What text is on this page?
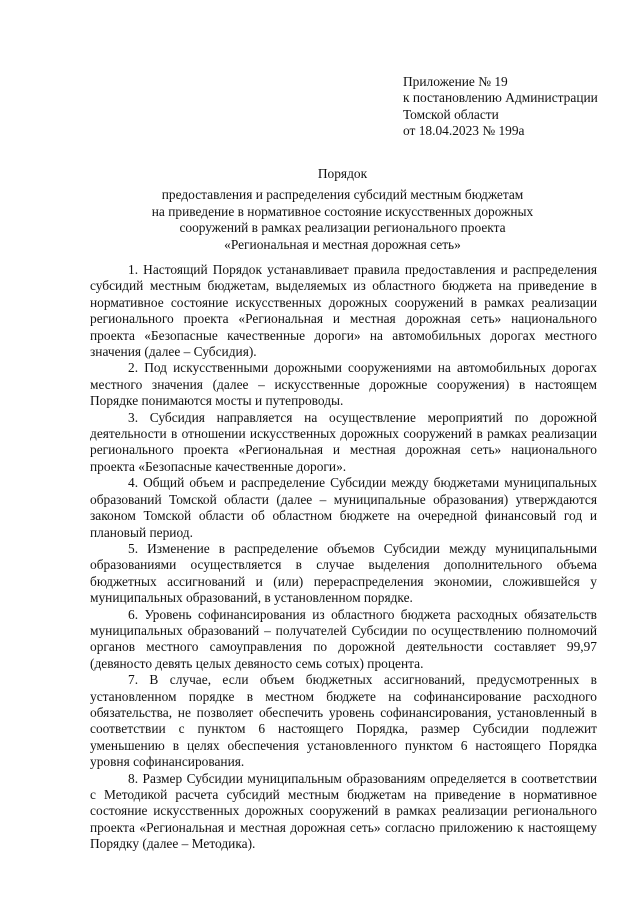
Приложение № 19
к постановлению Администрации
Томской области
от 18.04.2023 № 199а
Порядок
предоставления и распределения субсидий местным бюджетам
на приведение в нормативное состояние искусственных дорожных
сооружений в рамках реализации регионального проекта
«Региональная и местная дорожная сеть»

1. Настоящий Порядок устанавливает правила предоставления и распределения субсидий местным бюджетам, выделяемых из областного бюджета на приведение в нормативное состояние искусственных дорожных сооружений в рамках реализации регионального проекта «Региональная и местная дорожная сеть» национального проекта «Безопасные качественные дороги» на автомобильных дорогах местного значения (далее – Субсидия).

2. Под искусственными дорожными сооружениями на автомобильных дорогах местного значения (далее – искусственные дорожные сооружения) в настоящем Порядке понимаются мосты и путепроводы.

3. Субсидия направляется на осуществление мероприятий по дорожной деятельности в отношении искусственных дорожных сооружений в рамках реализации регионального проекта «Региональная и местная дорожная сеть» национального проекта «Безопасные качественные дороги».

4. Общий объем и распределение Субсидии между бюджетами муниципальных образований Томской области (далее – муниципальные образования) утверждаются законом Томской области об областном бюджете на очередной финансовый год и плановый период.

5. Изменение в распределение объемов Субсидии между муниципальными образованиями осуществляется в случае выделения дополнительного объема бюджетных ассигнований и (или) перераспределения экономии, сложившейся у муниципальных образований, в установленном порядке.

6. Уровень софинансирования из областного бюджета расходных обязательств муниципальных образований – получателей Субсидии по осуществлению полномочий органов местного самоуправления по дорожной деятельности составляет 99,97 (девяносто девять целых девяносто семь сотых) процента.

7. В случае, если объем бюджетных ассигнований, предусмотренных в установленном порядке в местном бюджете на софинансирование расходного обязательства, не позволяет обеспечить уровень софинансирования, установленный в соответствии с пунктом 6 настоящего Порядка, размер Субсидии подлежит уменьшению в целях обеспечения установленного пунктом 6 настоящего Порядка уровня софинансирования.

8. Размер Субсидии муниципальным образованиям определяется в соответствии с Методикой расчета субсидий местным бюджетам на приведение в нормативное состояние искусственных дорожных сооружений в рамках реализации регионального проекта «Региональная и местная дорожная сеть» согласно приложению к настоящему Порядку (далее – Методика).
